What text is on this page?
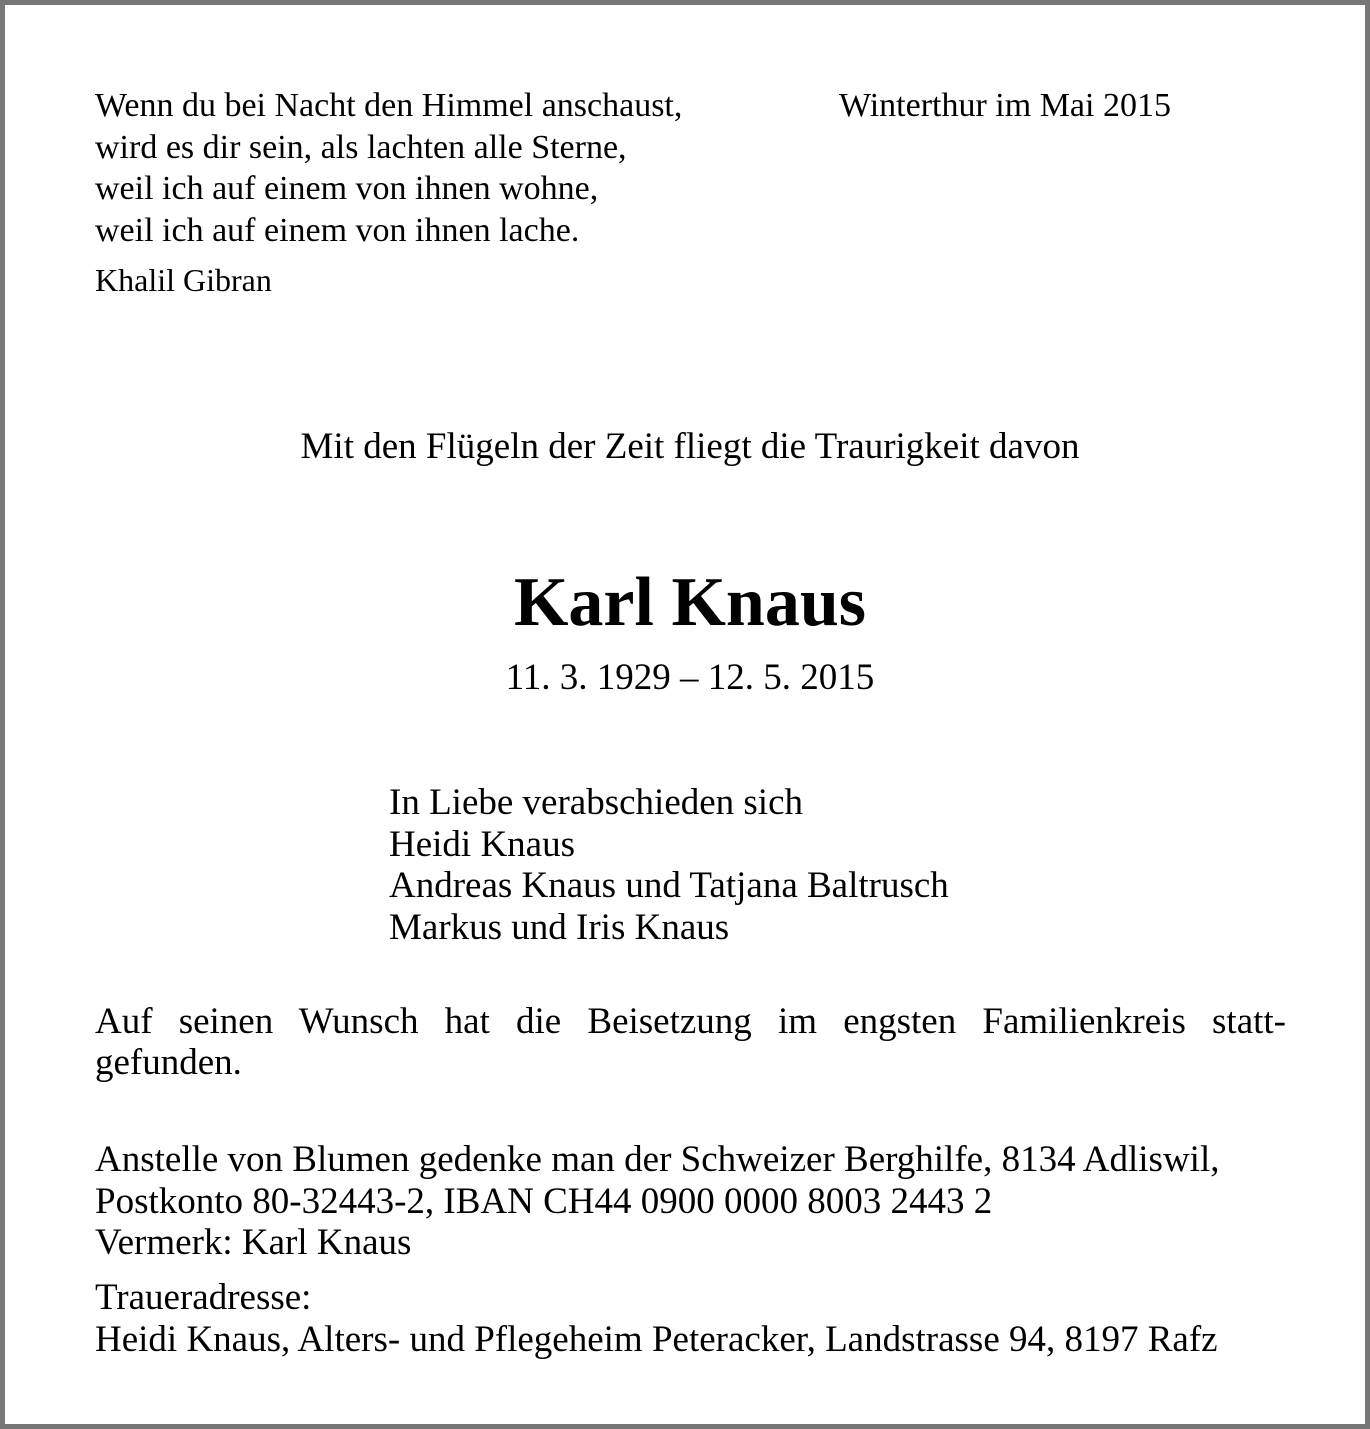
Wenn du bei Nacht den Himmel anschaust,
wird es dir sein, als lachten alle Sterne,
weil ich auf einem von ihnen wohne,
weil ich auf einem von ihnen lache.
Khalil Gibran
Winterthur im Mai 2015
Mit den Flügeln der Zeit fliegt die Traurigkeit davon
Karl Knaus
11. 3. 1929 – 12. 5. 2015
In Liebe verabschieden sich
Heidi Knaus
Andreas Knaus und Tatjana Baltrusch
Markus und Iris Knaus
Auf seinen Wunsch hat die Beisetzung im engsten Familienkreis statt-
gefunden.
Anstelle von Blumen gedenke man der Schweizer Berghilfe, 8134 Adliswil,
Postkonto 80-32443-2, IBAN CH44 0900 0000 8003 2443 2
Vermerk: Karl Knaus
Traueradresse:
Heidi Knaus, Alters- und Pflegeheim Peteracker, Landstrasse 94, 8197 Rafz
